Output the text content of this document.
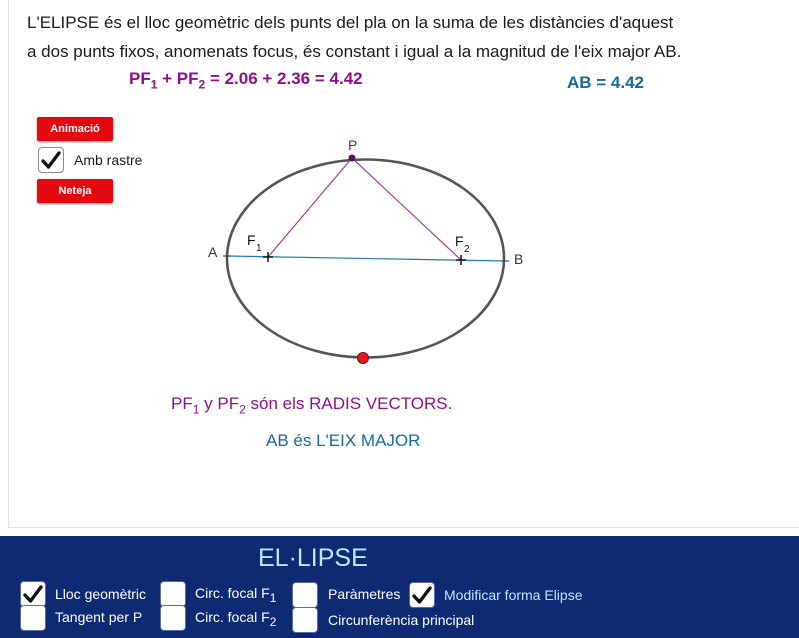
L'ELIPSE és el lloc geomètric dels punts del pla on la suma de les distàncies d'aquest
a dos punts fixos, anomenats focus, és constant i igual a la magnitud de l'eix major AB.
$PF_1 + PF_2 = 2.06 + 2.36 = 4.42$	AB = 4.42
Animació
Amb rastre
Neteja
P
A	B
F
1	F
2
$PF_1$ y $PF_2$ són els RADIS VECTORS.
AB és L'EIX MAJOR
EL·LIPSE
Lloc geomètric
Tangent per P
Circ. focal $F_1$
Circ. focal $F_2$
Paràmetres
Circunferència principal
Modificar forma Elipse
